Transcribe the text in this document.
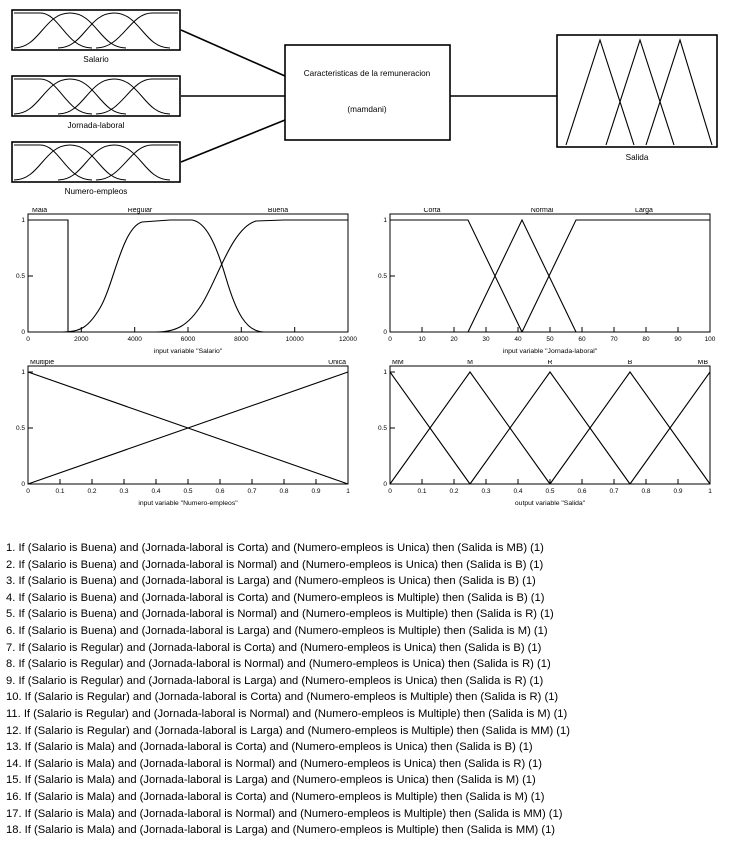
Salario
Jornada-laboral
Numero-empleos
Caracteristicas de la remuneracion
(mamdani)
Salida
1
0.5
0
0	2000	4000	6000	8000	10000	12000
Mala	Regular	Buena
input variable "Salario"
1
0.5
0
0	10	20	30	40	50	60	70	80	90	100
Corta	Normal	Larga
input variable "Jornada-laboral"
1
0.5
0
0	0.1	0.2	0.3	0.4	0.5	0.6	0.7	0.8	0.9	1
Multiple	Unica
input variable "Numero-empleos"
1
0.5
0
0	0.1	0.2	0.3	0.4	0.5	0.6	0.7	0.8	0.9	1
MM	M	R	B	MB
output variable "Salida"
1. If (Salario is Buena) and (Jornada-laboral is Corta) and (Numero-empleos is Unica) then (Salida is MB) (1)
2. If (Salario is Buena) and (Jornada-laboral is Normal) and (Numero-empleos is Unica) then (Salida is B) (1)
3. If (Salario is Buena) and (Jornada-laboral is Larga) and (Numero-empleos is Unica) then (Salida is B) (1)
4. If (Salario is Buena) and (Jornada-laboral is Corta) and (Numero-empleos is Multiple) then (Salida is B) (1)
5. If (Salario is Buena) and (Jornada-laboral is Normal) and (Numero-empleos is Multiple) then (Salida is R) (1)
6. If (Salario is Buena) and (Jornada-laboral is Larga) and (Numero-empleos is Multiple) then (Salida is M) (1)
7. If (Salario is Regular) and (Jornada-laboral is Corta) and (Numero-empleos is Unica) then (Salida is B) (1)
8. If (Salario is Regular) and (Jornada-laboral is Normal) and (Numero-empleos is Unica) then (Salida is R) (1)
9. If (Salario is Regular) and (Jornada-laboral is Larga) and (Numero-empleos is Unica) then (Salida is R) (1)
10. If (Salario is Regular) and (Jornada-laboral is Corta) and (Numero-empleos is Multiple) then (Salida is R) (1)
11. If (Salario is Regular) and (Jornada-laboral is Normal) and (Numero-empleos is Multiple) then (Salida is M) (1)
12. If (Salario is Regular) and (Jornada-laboral is Larga) and (Numero-empleos is Multiple) then (Salida is MM) (1)
13. If (Salario is Mala) and (Jornada-laboral is Corta) and (Numero-empleos is Unica) then (Salida is B) (1)
14. If (Salario is Mala) and (Jornada-laboral is Normal) and (Numero-empleos is Unica) then (Salida is R) (1)
15. If (Salario is Mala) and (Jornada-laboral is Larga) and (Numero-empleos is Unica) then (Salida is M) (1)
16. If (Salario is Mala) and (Jornada-laboral is Corta) and (Numero-empleos is Multiple) then (Salida is M) (1)
17. If (Salario is Mala) and (Jornada-laboral is Normal) and (Numero-empleos is Multiple) then (Salida is MM) (1)
18. If (Salario is Mala) and (Jornada-laboral is Larga) and (Numero-empleos is Multiple) then (Salida is MM) (1)
